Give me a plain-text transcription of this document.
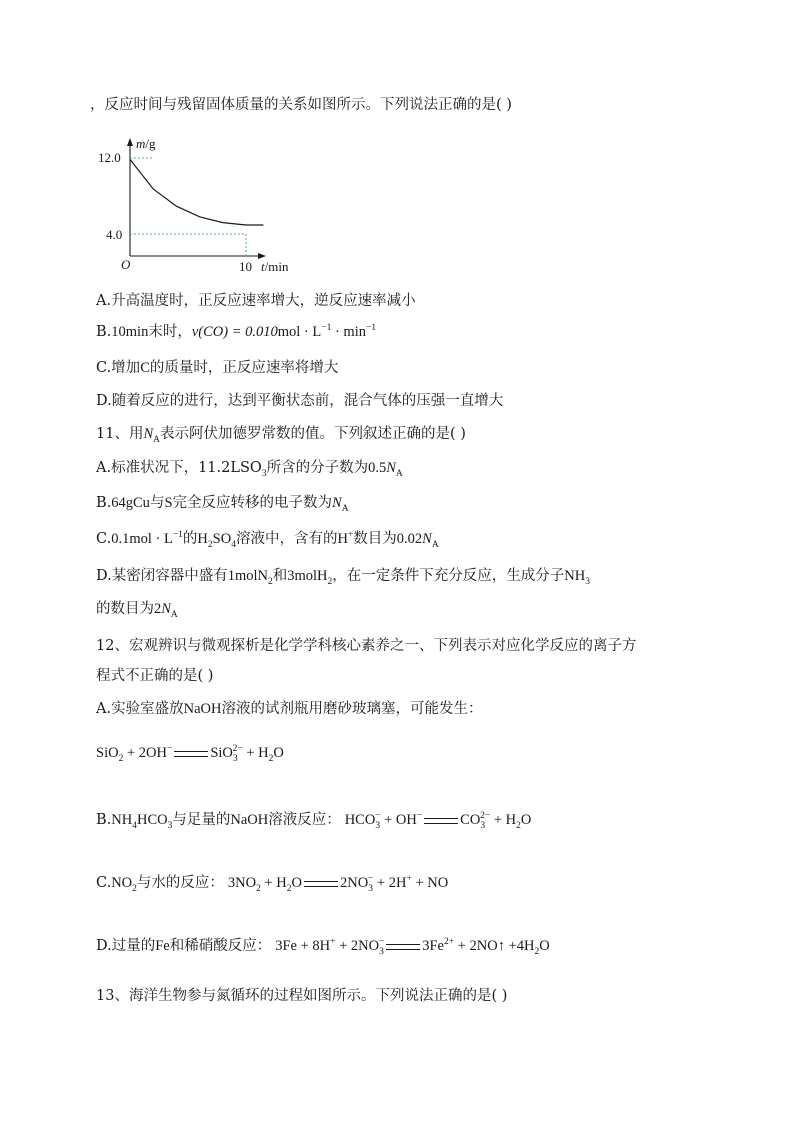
，反应时间与残留固体质量的关系如图所示。下列说法正确的是( )
m/g
12.0
4.0
O	10 t/min
A.升高温度时，正反应速率增大，逆反应速率减小
B.10min末时，$v(CO) = 0.010mol \cdot L^{-1} \cdot \min^{-1}$
C.增加C的质量时，正反应速率将增大
D.随着反应的进行，达到平衡状态前，混合气体的压强一直增大
11、用$N_A$表示阿伏加德罗常数的值。下列叙述正确的是( )
A.标准状况下，$11.2LSO_3$所含的分子数为$0.5N_A$
B.64gCu与S完全反应转移的电子数为$N_A$
$C.0.1mol \cdot L^{-1}$的$H_2SO_4$溶液中，含有的H+数目为$0.02N_A$
D.某密闭容器中盛有1molN$_2$和3molH$_2$，在一定条件下充分反应，生成分子$NH_3$
的数目为$2N_A$
12、宏观辨识与微观探析是化学学科核心素养之一、下列表示对应化学反应的离子方
程式不正确的是( )
A.实验室盛放NaOH溶液的试剂瓶用磨砂玻璃塞，可能发生：
SiO$_2$ + 2OH−	$SiO_3^{2-} + H_2O$
$B.NH_4HCO_3$与足量的NaOH溶液反应： $HCO_3^- + OH^-$	$CO_3^{2-} + H_2O$
$C.NO_2$与水的反应： $3NO_2 + H_2O$	$2NO_3^- + 2H^+$ + NO
D.过量的Fe和稀硝酸反应： $3Fe + 8H^+ + 2NO_3^-$	$3Fe^{2+}$ + 2NO↑ $+4H_2O$
13、海洋生物参与氮循环的过程如图所示。下列说法正确的是( )
